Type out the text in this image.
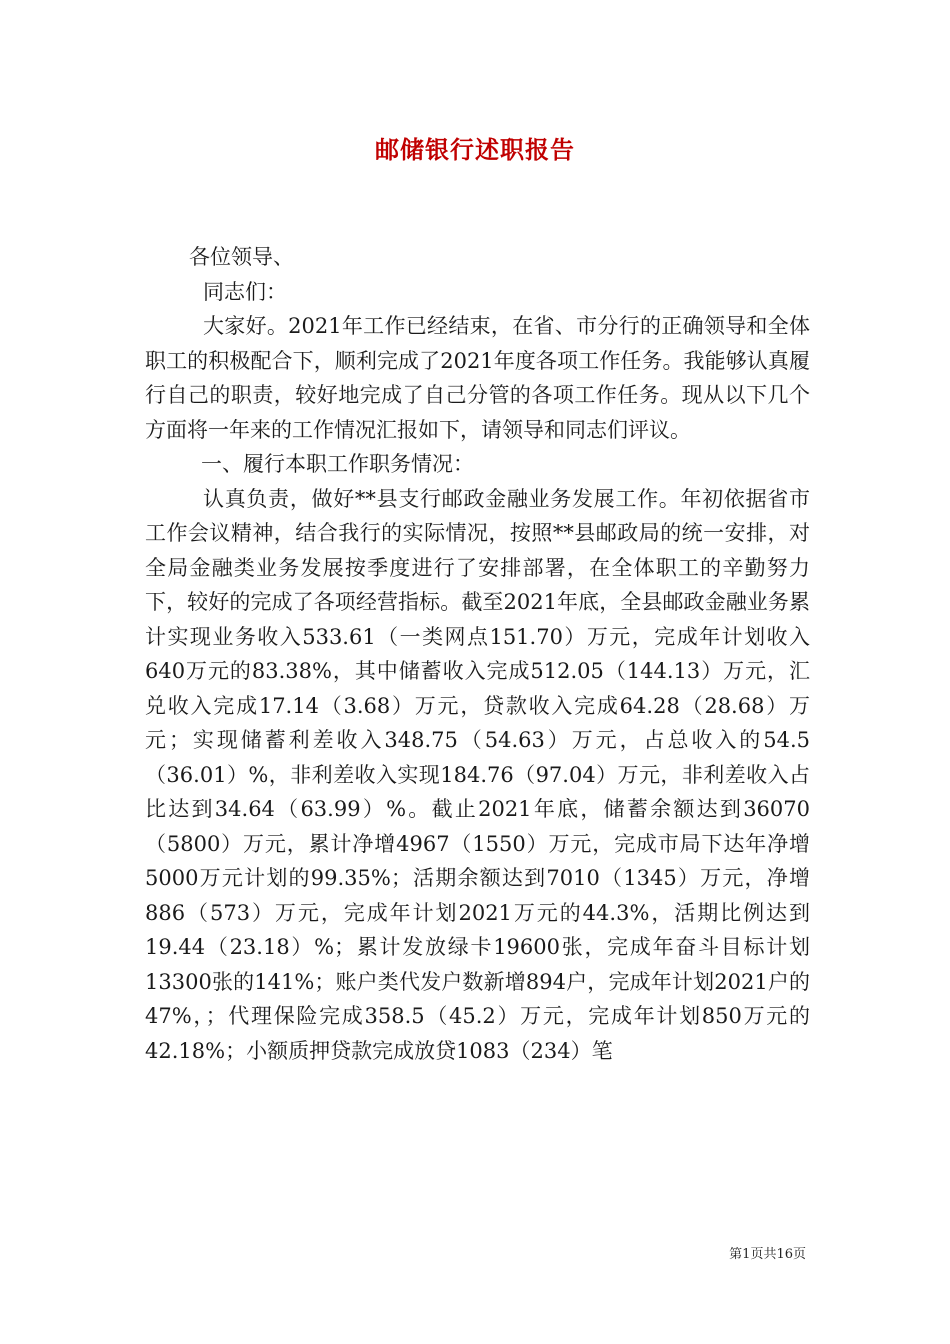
邮储银行述职报告

各位领导、

同志们：

大家好。2021年工作已经结束，在省、市分行的正确领导和全体职工的积极配合下，顺利完成了2021年度各项工作任务。我能够认真履行自己的职责，较好地完成了自己分管的各项工作任务。现从以下几个方面将一年来的工作情况汇报如下，请领导和同志们评议。

一、履行本职工作职务情况：

认真负责，做好**县支行邮政金融业务发展工作。年初依据省市工作会议精神，结合我行的实际情况，按照**县邮政局的统一安排，对全局金融类业务发展按季度进行了安排部署，在全体职工的辛勤努力下，较好的完成了各项经营指标。截至2021年底，全县邮政金融业务累计实现业务收入533.61（一类网点151.70）万元，完成年计划收入640万元的83.38%，其中储蓄收入完成512.05（144.13）万元，汇兑收入完成17.14（3.68）万元，贷款收入完成64.28（28.68）万元；实现储蓄利差收入348.75（54.63）万元，占总收入的54.5（36.01）%，非利差收入实现184.76（97.04）万元，非利差收入占比达到34.64（63.99）%。截止2021年底，储蓄余额达到36070（5800）万元，累计净增4967（1550）万元，完成市局下达年净增5000万元计划的99.35%；活期余额达到7010（1345）万元，净增886（573）万元，完成年计划2021万元的44.3%，活期比例达到19.44（23.18）%；累计发放绿卡19600张，完成年奋斗目标计划13300张的141%；账户类代发户数新增894户，完成年计划2021户的47%，；代理保险完成358.5（45.2）万元，完成年计划850万元的42.18%；小额质押贷款完成放贷1083（234）笔

第1页共16页
